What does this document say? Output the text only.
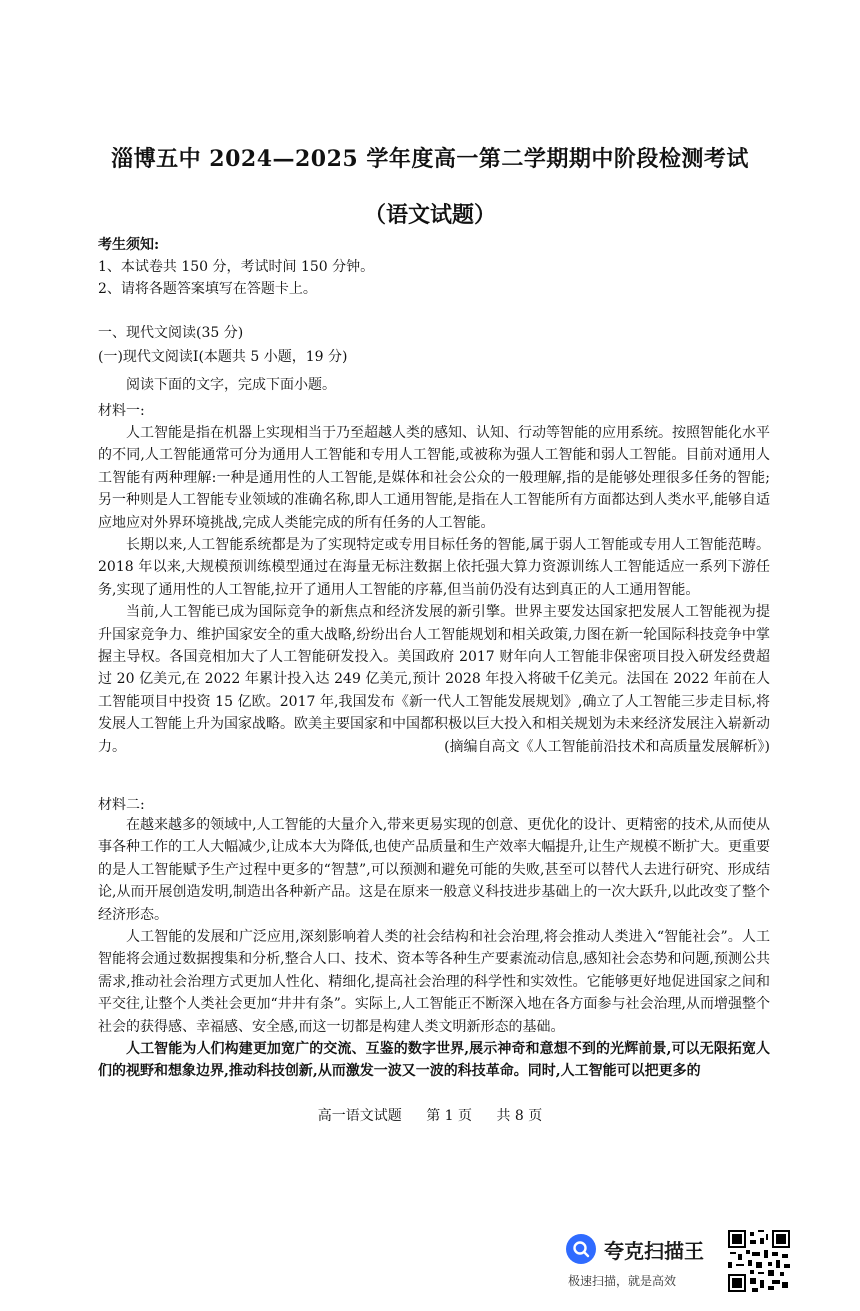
淄博五中 2024—2025 学年度高一第二学期期中阶段检测考试
（语文试题）
考生须知:
1、本试卷共 150 分，考试时间 150 分钟。
2、请将各题答案填写在答题卡上。
一、现代文阅读(35 分)
(一)现代文阅读Ⅰ(本题共 5 小题，19 分)
阅读下面的文字，完成下面小题。
材料一:

人工智能是指在机器上实现相当于乃至超越人类的感知、认知、行动等智能的应用系统。按照智能化水平的不同,人工智能通常可分为通用人工智能和专用人工智能,或被称为强人工智能和弱人工智能。目前对通用人工智能有两种理解:一种是通用性的人工智能,是媒体和社会公众的一般理解,指的是能够处理很多任务的智能;另一种则是人工智能专业领域的准确名称,即人工通用智能,是指在人工智能所有方面都达到人类水平,能够自适应地应对外界环境挑战,完成人类能完成的所有任务的人工智能。

长期以来,人工智能系统都是为了实现特定或专用目标任务的智能,属于弱人工智能或专用人工智能范畴。2018 年以来,大规模预训练模型通过在海量无标注数据上依托强大算力资源训练人工智能适应一系列下游任务,实现了通用性的人工智能,拉开了通用人工智能的序幕,但当前仍没有达到真正的人工通用智能。

当前,人工智能已成为国际竞争的新焦点和经济发展的新引擎。世界主要发达国家把发展人工智能视为提升国家竞争力、维护国家安全的重大战略,纷纷出台人工智能规划和相关政策,力图在新一轮国际科技竞争中掌握主导权。各国竞相加大了人工智能研发投入。美国政府 2017 财年向人工智能非保密项目投入研发经费超过 20 亿美元,在 2022 年累计投入达 249 亿美元,预计 2028 年投入将破千亿美元。法国在 2022 年前在人工智能项目中投资 15 亿欧。2017 年,我国发布《新一代人工智能发展规划》,确立了人工智能三步走目标,将发展人工智能上升为国家战略。欧美主要国家和中国都积极以巨大投入和相关规划为未来经济发展注入崭新动力。	(摘编自高文《人工智能前沿技术和高质量发展解析》)

材料二:

在越来越多的领域中,人工智能的大量介入,带来更易实现的创意、更优化的设计、更精密的技术,从而使从事各种工作的工人大幅减少,让成本大为降低,也使产品质量和生产效率大幅提升,让生产规模不断扩大。更重要的是人工智能赋予生产过程中更多的“智慧”,可以预测和避免可能的失败,甚至可以替代人去进行研究、形成结论,从而开展创造发明,制造出各种新产品。这是在原来一般意义科技进步基础上的一次大跃升,以此改变了整个经济形态。

人工智能的发展和广泛应用,深刻影响着人类的社会结构和社会治理,将会推动人类进入“智能社会”。人工智能将会通过数据搜集和分析,整合人口、技术、资本等各种生产要素流动信息,感知社会态势和问题,预测公共需求,推动社会治理方式更加人性化、精细化,提高社会治理的科学性和实效性。它能够更好地促进国家之间和平交往,让整个人类社会更加“井井有条”。实际上,人工智能正不断深入地在各方面参与社会治理,从而增强整个社会的获得感、幸福感、安全感,而这一切都是构建人类文明新形态的基础。

人工智能为人们构建更加宽广的交流、互鉴的数字世界,展示神奇和意想不到的光辉前景,可以无限拓宽人们的视野和想象边界,推动科技创新,从而激发一波又一波的科技革命。同时,人工智能可以把更多的

高一语文试题 第 1 页 共 8 页
夸克扫描王
极速扫描，就是高效
